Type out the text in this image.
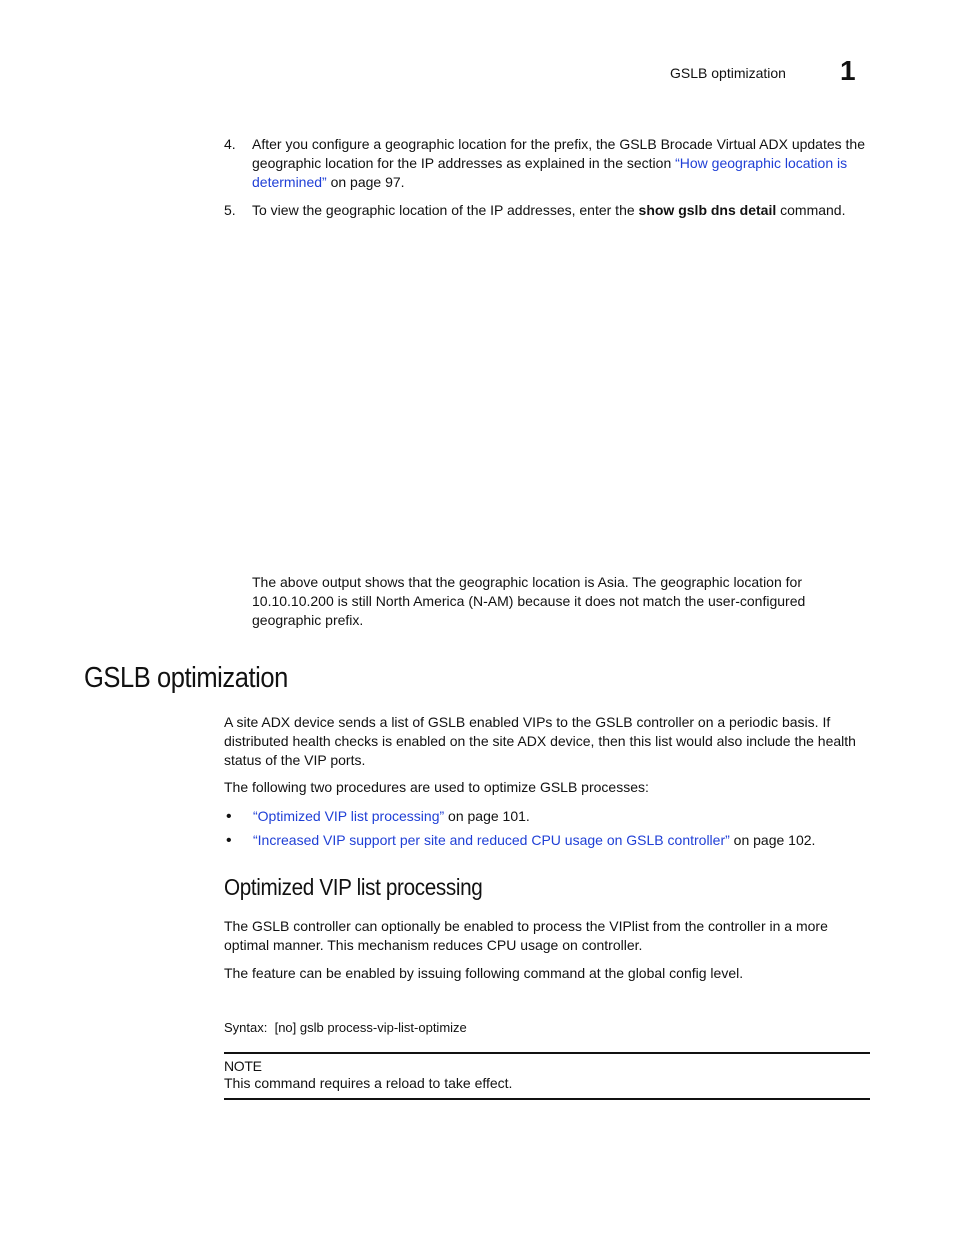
GSLB optimization 1
4. After you configure a geographic location for the prefix, the GSLB Brocade Virtual ADX updates the geographic location for the IP addresses as explained in the section “How geographic location is determined” on page 97.
5. To view the geographic location of the IP addresses, enter the show gslb dns detail command.
The above output shows that the geographic location is Asia. The geographic location for 10.10.10.200 is still North America (N-AM) because it does not match the user-configured geographic prefix.
GSLB optimization
A site ADX device sends a list of GSLB enabled VIPs to the GSLB controller on a periodic basis. If distributed health checks is enabled on the site ADX device, then this list would also include the health status of the VIP ports.
The following two procedures are used to optimize GSLB processes:
• “Optimized VIP list processing” on page 101.
• “Increased VIP support per site and reduced CPU usage on GSLB controller” on page 102.
Optimized VIP list processing
The GSLB controller can optionally be enabled to process the VIPlist from the controller in a more optimal manner. This mechanism reduces CPU usage on controller.
The feature can be enabled by issuing following command at the global config level.
Syntax: [no] gslb process-vip-list-optimize
NOTE
This command requires a reload to take effect.
